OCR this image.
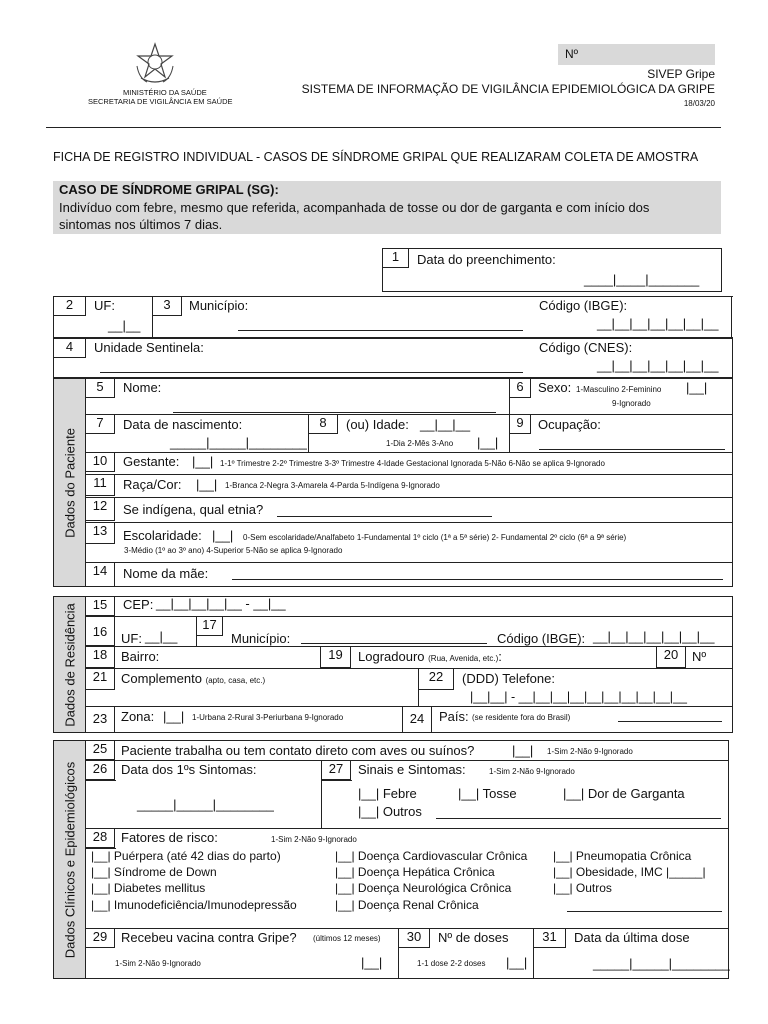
MINISTÉRIO DA SAÚDE
SECRETARIA DE VIGILÂNCIA EM SAÚDE
Nº
SIVEP Gripe
SISTEMA DE INFORMAÇÃO DE VIGILÂNCIA EPIDEMIOLÓGICA DA GRIPE
18/03/20
FICHA DE REGISTRO INDIVIDUAL - CASOS DE SÍNDROME GRIPAL QUE REALIZARAM COLETA DE AMOSTRA
CASO DE SÍNDROME GRIPAL (SG):
Indivíduo com febre, mesmo que referida, acompanhada de tosse ou dor de garganta e com início dos
sintomas nos últimos 7 dias.
1	Data do preenchimento:
____|____|_______
2	UF:
__|__
3	Município:	Código (IBGE):
__|__|__|__|__|__|__
4	Unidade Sentinela:	Código (CNES):
__|__|__|__|__|__|__
Dados do Paciente
5	Nome:	6	Sexo: 1-Masculino 2-Feminino |__|
9-Ignorado
7	Data de nascimento:
_____|_____|________
8	(ou) Idade: __|__|__
1-Dia 2-Mês 3-Ano |__|
9	Ocupação:
10	Gestante: |__| 1-1º Trimestre 2-2º Trimestre 3-3º Trimestre 4-Idade Gestacional Ignorada 5-Não 6-Não se aplica 9-Ignorado
11	Raça/Cor: |__| 1-Branca 2-Negra 3-Amarela 4-Parda 5-Indígena 9-Ignorado
12	Se indígena, qual etnia?
13	Escolaridade: |__| 0-Sem escolaridade/Analfabeto 1-Fundamental 1º ciclo (1ª a 5ª série) 2- Fundamental 2º ciclo (6ª a 9ª série)
3-Médio (1º ao 3º ano) 4-Superior 5-Não se aplica 9-Ignorado
14	Nome da mãe:
Dados de Residência	15	CEP: __|__|__|__|__ - __|__
16	UF: __|__
17
Município:	Código (IBGE): __|__|__|__|__|__|__
18	Bairro:	19	Logradouro (Rua, Avenida, etc.):	20	Nº
21	Complemento (apto, casa, etc.)	22	(DDD) Telefone:
|__|__| - __|__|__|__|__|__|__|__|__|__
23	Zona: |__| 1-Urbana 2-Rural 3-Periurbana 9-Ignorado	24	País: (se residente fora do Brasil)
Dados Clínicos e Epidemiológicos
25	Paciente trabalha ou tem contato direto com aves ou suínos?	|__| 1-Sim 2-Não 9-Ignorado
26	Data dos 1ºs Sintomas:
_____|_____|________
27	Sinais e Sintomas:	1-Sim 2-Não 9-Ignorado
|__| Febre	|__| Tosse	|__| Dor de Garganta
|__| Outros
28	Fatores de risco:	1-Sim 2-Não 9-Ignorado
|__| Puérpera (até 42 dias do parto)
|__| Síndrome de Down
|__| Diabetes mellitus
|__| Imunodeficiência/Imunodepressão
|__| Doença Cardiovascular Crônica
|__| Doença Hepática Crônica
|__| Doença Neurológica Crônica
|__| Doença Renal Crônica
|__| Pneumopatia Crônica
|__| Obesidade, IMC |_____|
|__| Outros
29	Recebeu vacina contra Gripe? (últimos 12 meses)
1-Sim 2-Não 9-Ignorado	|__|
30	Nº de doses
1-1 dose 2-2 doses |__|
31	Data da última dose
_____|_____|________
